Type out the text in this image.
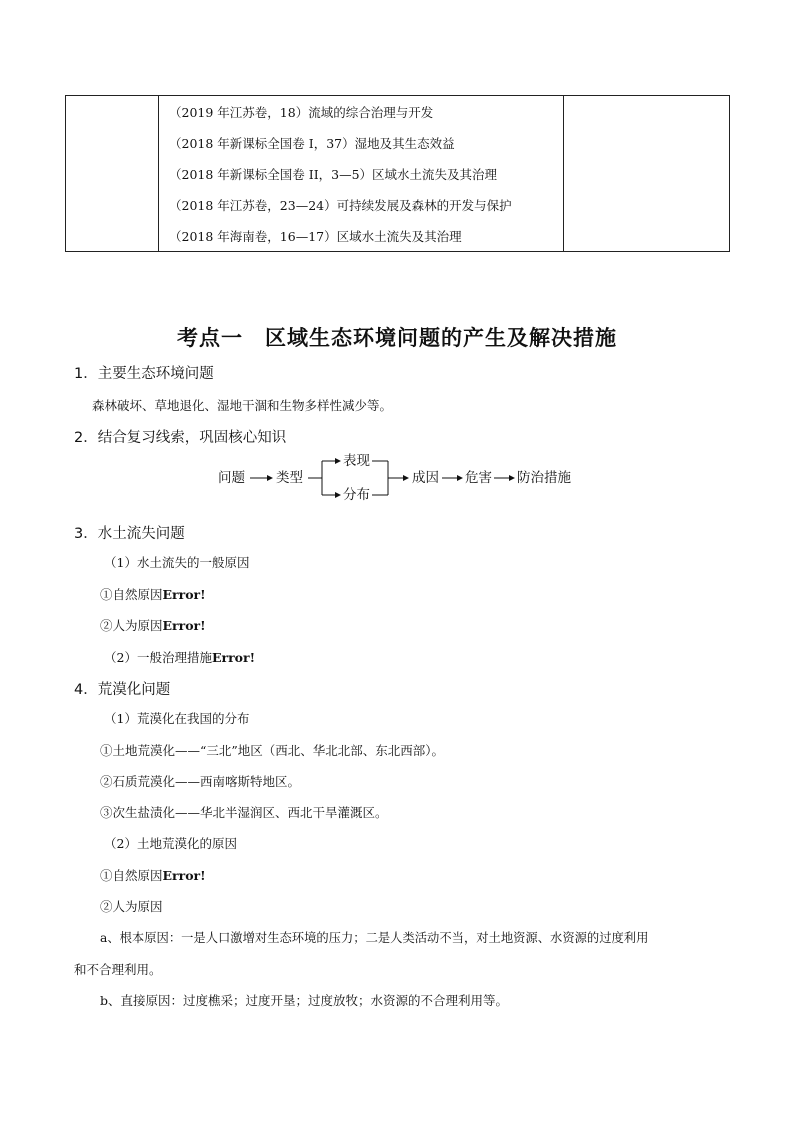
（2019 年江苏卷，18）流域的综合治理与开发
（2018 年新课标全国卷 I，37）湿地及其生态效益
（2018 年新课标全国卷 II，3—5）区域水土流失及其治理
（2018 年江苏卷，23—24）可持续发展及森林的开发与保护
（2018 年海南卷，16—17）区域水土流失及其治理
考点一　区域生态环境问题的产生及解决措施
1．主要生态环境问题
森林破坏、草地退化、湿地干涸和生物多样性减少等。
2．结合复习线索，巩固核心知识
问题 类型
表现
分布
成因 危害 防治措施
3．水土流失问题
（1）水土流失的一般原因
①自然原因Error!
②人为原因Error!
（2）一般治理措施Error!
4．荒漠化问题
（1）荒漠化在我国的分布
①土地荒漠化——“三北”地区（西北、华北北部、东北西部）。
②石质荒漠化——西南喀斯特地区。
③次生盐渍化——华北半湿润区、西北干旱灌溉区。
（2）土地荒漠化的原因
①自然原因Error!
②人为原因
a、根本原因：一是人口激增对生态环境的压力；二是人类活动不当，对土地资源、水资源的过度利用
和不合理利用。
b、直接原因：过度樵采；过度开垦；过度放牧；水资源的不合理利用等。
